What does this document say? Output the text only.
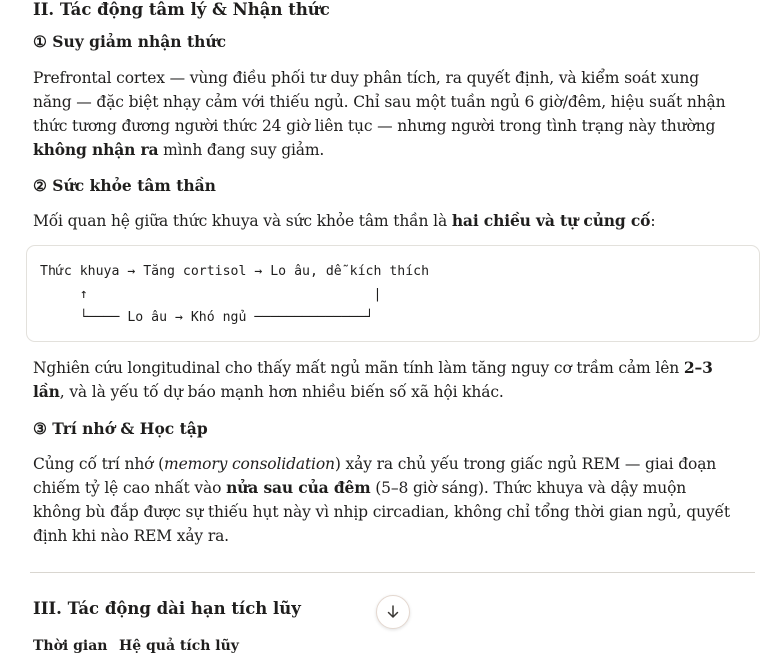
II. Tác động tâm lý & Nhận thức
① Suy giảm nhận thức
Prefrontal cortex — vùng điều phối tư duy phân tích, ra quyết định, và kiểm soát xung năng — đặc biệt nhạy cảm với thiếu ngủ. Chỉ sau một tuần ngủ 6 giờ/đêm, hiệu suất nhận thức tương đương người thức 24 giờ liên tục — nhưng người trong tình trạng này thường không nhận ra mình đang suy giảm.
② Sức khỏe tâm thần
Mối quan hệ giữa thức khuya và sức khỏe tâm thần là hai chiều và tự củng cố:
Thức khuya → Tăng cortisol → Lo âu, dễ kích thích
↑                                    |
└──── Lo âu → Khó ngủ ──────────────┘
Nghiên cứu longitudinal cho thấy mất ngủ mãn tính làm tăng nguy cơ trầm cảm lên 2–3 lần, và là yếu tố dự báo mạnh hơn nhiều biến số xã hội khác.
③ Trí nhớ & Học tập
Củng cố trí nhớ (memory consolidation) xảy ra chủ yếu trong giấc ngủ REM — giai đoạn chiếm tỷ lệ cao nhất vào nửa sau của đêm (5–8 giờ sáng). Thức khuya và dậy muộn không bù đắp được sự thiếu hụt này vì nhịp circadian, không chỉ tổng thời gian ngủ, quyết định khi nào REM xảy ra.
III. Tác động dài hạn tích lũy
Thời gian Hệ quả tích lũy
